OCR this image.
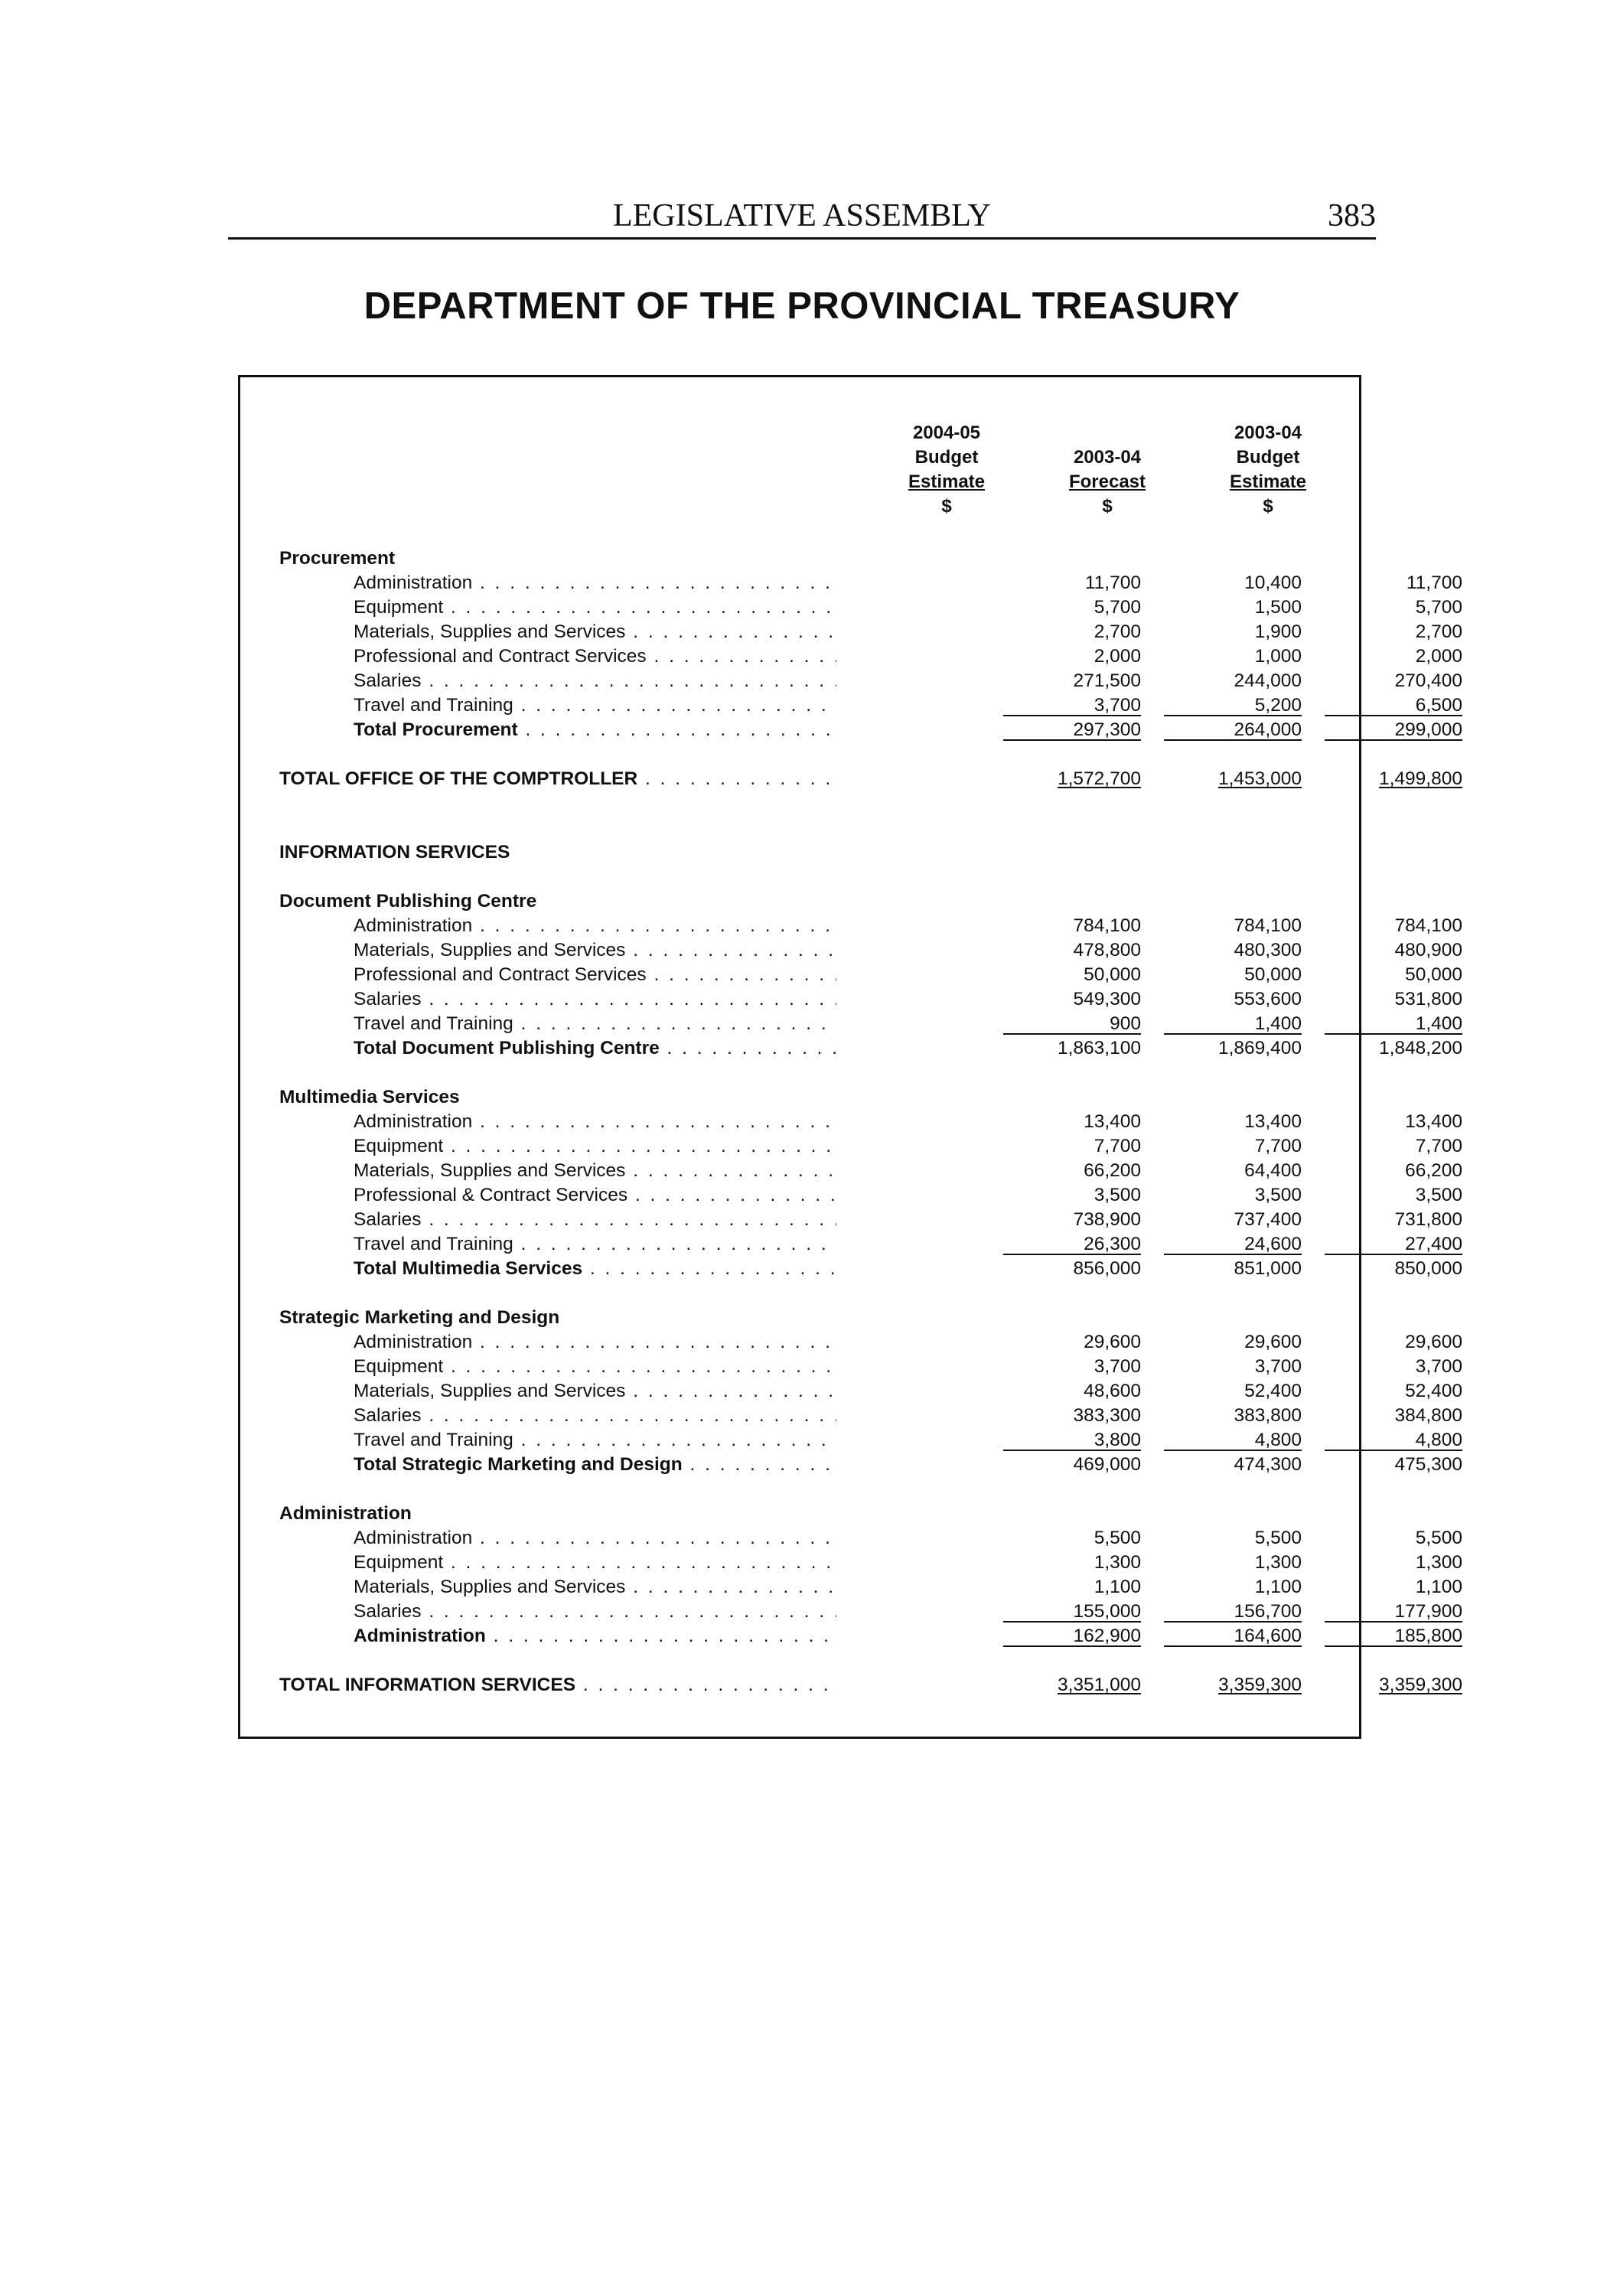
LEGISLATIVE ASSEMBLY	383
DEPARTMENT OF THE PROVINCIAL TREASURY
2004-05
Budget
Estimate
$
2003-04
Forecast
$
2003-04
Budget
Estimate
$
Procurement
Administration . . .	11,700	10,400	11,700
Equipment . . .	5,700	1,500	5,700
Materials, Supplies and Services . . .	2,700	1,900	2,700
Professional and Contract Services . . .	2,000	1,000	2,000
Salaries . . .	271,500	244,000	270,400
Travel and Training . . .	3,700	5,200	6,500
Total Procurement . . .	297,300	264,000	299,000
TOTAL OFFICE OF THE COMPTROLLER . . .	1,572,700	1,453,000	1,499,800
INFORMATION SERVICES
Document Publishing Centre
Administration . . .	784,100	784,100	784,100
Materials, Supplies and Services . . .	478,800	480,300	480,900
Professional and Contract Services . . .	50,000	50,000	50,000
Salaries . . .	549,300	553,600	531,800
Travel and Training . . .	900	1,400	1,400
Total Document Publishing Centre . . .	1,863,100	1,869,400	1,848,200
Multimedia Services
Administration . . .	13,400	13,400	13,400
Equipment . . .	7,700	7,700	7,700
Materials, Supplies and Services . . .	66,200	64,400	66,200
Professional & Contract Services . . .	3,500	3,500	3,500
Salaries . . .	738,900	737,400	731,800
Travel and Training . . .	26,300	24,600	27,400
Total Multimedia Services . . .	856,000	851,000	850,000
Strategic Marketing and Design
Administration . . .	29,600	29,600	29,600
Equipment . . .	3,700	3,700	3,700
Materials, Supplies and Services . . .	48,600	52,400	52,400
Salaries . . .	383,300	383,800	384,800
Travel and Training . . .	3,800	4,800	4,800
Total Strategic Marketing and Design . . .	469,000	474,300	475,300
Administration
Administration . . .	5,500	5,500	5,500
Equipment . . .	1,300	1,300	1,300
Materials, Supplies and Services . . .	1,100	1,100	1,100
Salaries . . .	155,000	156,700	177,900
Administration . . .	162,900	164,600	185,800
TOTAL INFORMATION SERVICES . . .	3,351,000	3,359,300	3,359,300
